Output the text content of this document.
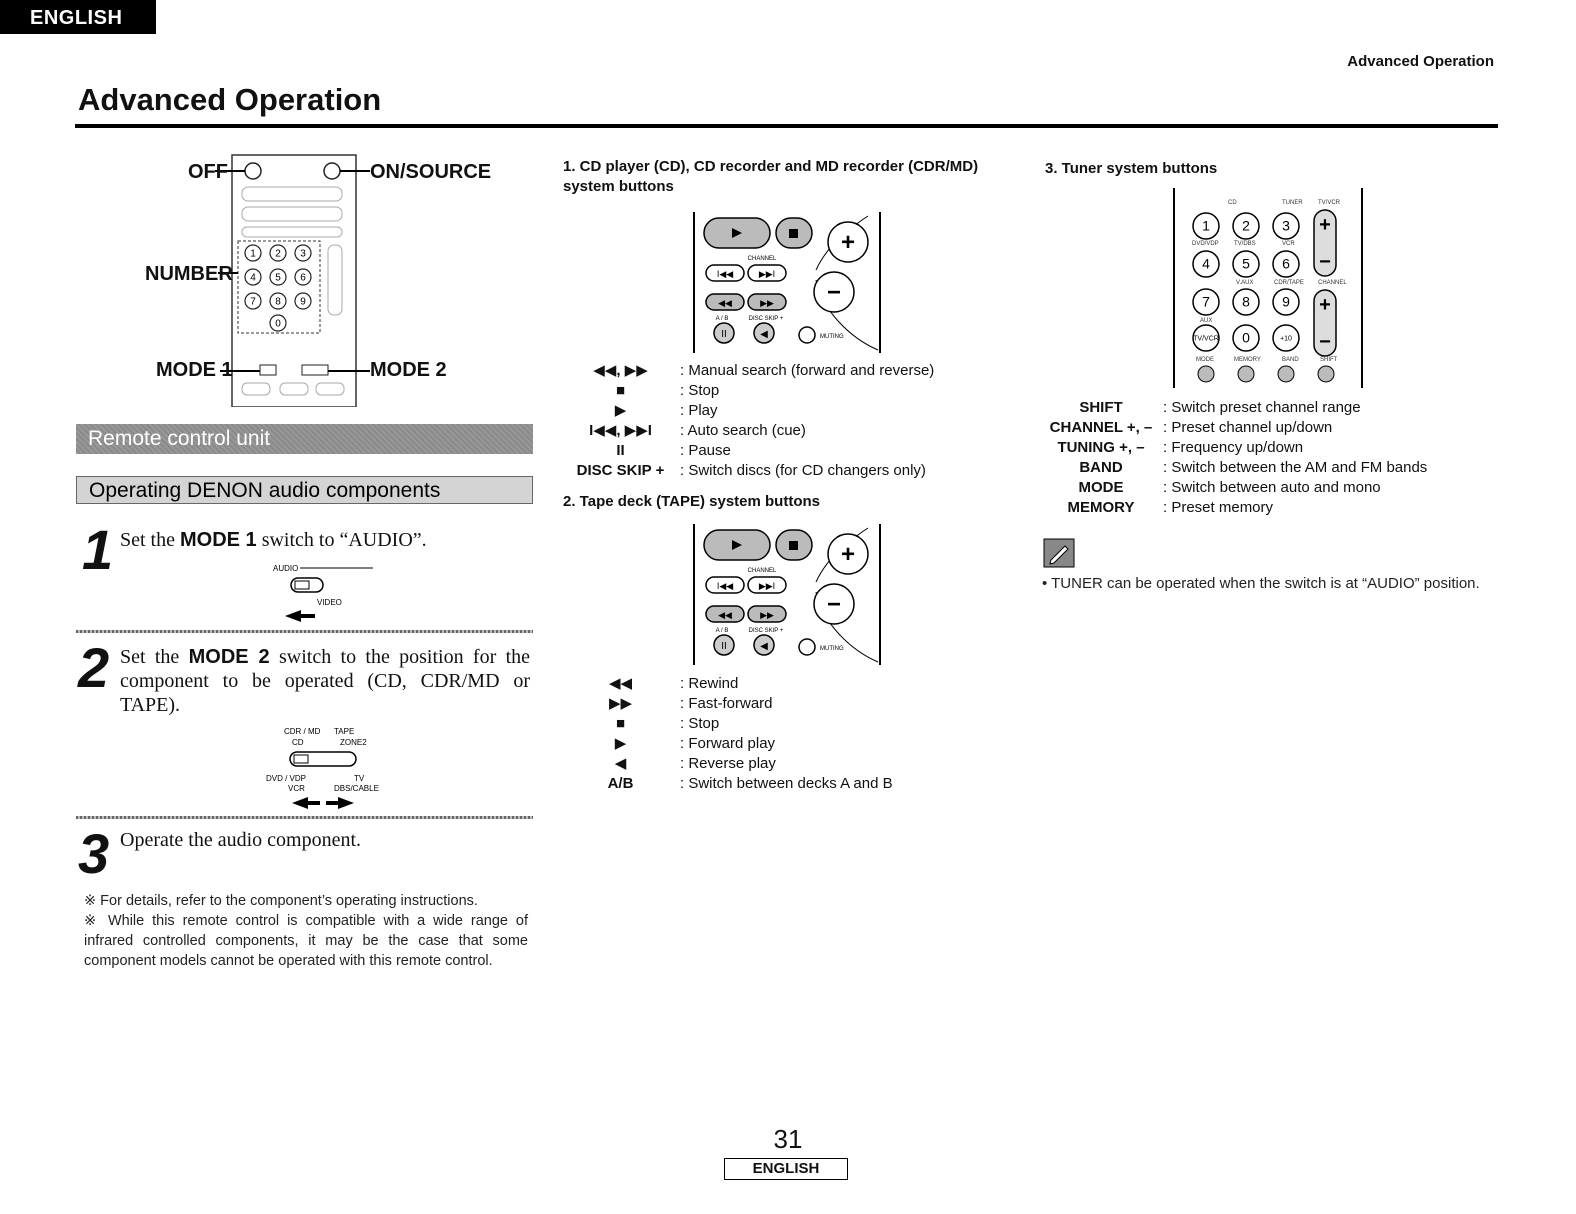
ENGLISH
Advanced Operation
Advanced Operation
1 2 3
4 5 6
7 8 9
0
OFF	ON/SOURCE
NUMBER
MODE 1	MODE 2
Remote control unit
Operating DENON audio components
1 Set the MODE 1 switch to “AUDIO”.
AUDIO
VIDEO
2 Set the MODE 2 switch to the position for the component to be operated (CD, CDR/MD or TAPE).
CDR / MD TAPE
CD	ZONE2
DVD / VDP	TV
VCR	DBS/CABLE
3 Operate the audio component.
※ For details, refer to the component’s operating instructions.
※ While this remote control is compatible with a wide range of infrared controlled components, it may be the case that some component models cannot be operated with this remote control.
1. CD player (CD), CD recorder and MD recorder (CDR/MD) system buttons
CHANNEL
I◀◀	▶▶I
◀◀	▶▶
A / B	DISC SKIP +
II	◀	MUTING
+
−
◀◀, ▶▶ : Manual search (forward and reverse)
■	: Stop
▶	: Play
I◀◀, ▶▶I : Auto search (cue)
II	: Pause
DISC SKIP + : Switch discs (for CD changers only)
2. Tape deck (TAPE) system buttons
CHANNEL
I◀◀	▶▶I
◀◀	▶▶
A / B	DISC SKIP +
II	◀	MUTING
+
−
◀◀	: Rewind
▶▶	: Fast-forward
■	: Stop
▶	: Forward play
◀	: Reverse play
A/B	: Switch between decks A and B
3. Tuner system buttons
CD	TUNER	TV/VCR
DVD/VDP	TV/DBS	VCR
V.AUX	CDR/TAPE CHANNEL
AUX
MODE	MEMORY	BAND	SHIFT
1 2 3
4 5 6
7 8 9
TV/VCR 0	+10
+
−
+
−
SHIFT	: Switch preset channel range
CHANNEL +, – : Preset channel up/down
TUNING +, – : Frequency up/down
BAND	: Switch between the AM and FM bands
MODE	: Switch between auto and mono
MEMORY : Preset memory
• TUNER can be operated when the switch is at “AUDIO” position.
31
ENGLISH
